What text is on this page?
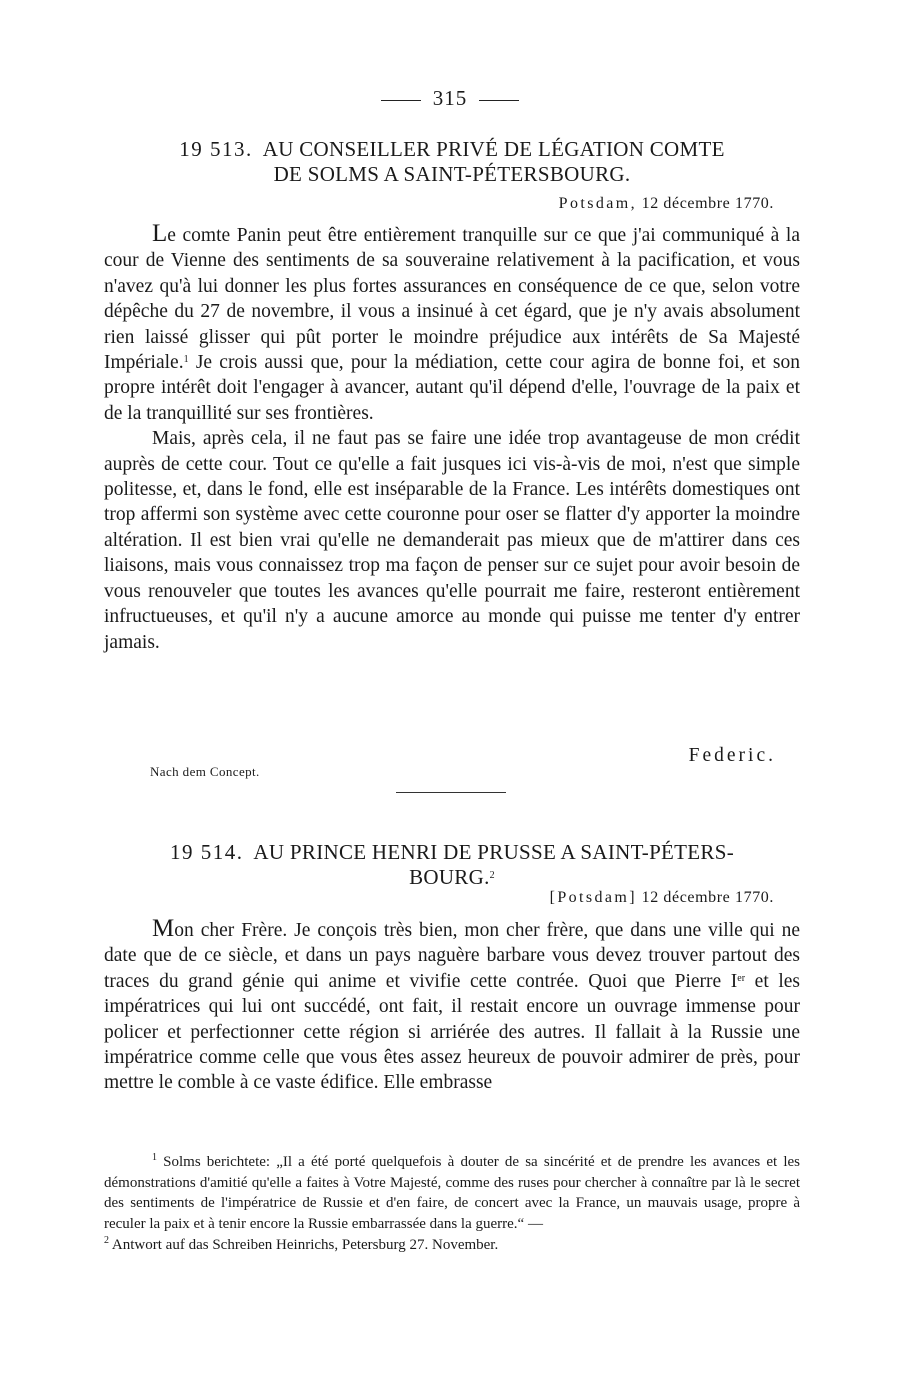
315
19 513. AU CONSEILLER PRIVÉ DE LÉGATION COMTE
DE SOLMS A SAINT-PÉTERSBOURG.
Potsdam, 12 décembre 1770.

Le comte Panin peut être entièrement tranquille sur ce que j'ai communiqué à la cour de Vienne des sentiments de sa souveraine relativement à la pacification, et vous n'avez qu'à lui donner les plus fortes assurances en conséquence de ce que, selon votre dépêche du 27 de novembre, il vous a insinué à cet égard, que je n'y avais absolument rien laissé glisser qui pût porter le moindre préjudice aux intérêts de Sa Majesté Impériale.$^1$ Je crois aussi que, pour la médiation, cette cour agira de bonne foi, et son propre intérêt doit l'engager à avancer, autant qu'il dépend d'elle, l'ouvrage de la paix et de la tranquillité sur ses frontières.

Mais, après cela, il ne faut pas se faire une idée trop avantageuse de mon crédit auprès de cette cour. Tout ce qu'elle a fait jusques ici vis-à-vis de moi, n'est que simple politesse, et, dans le fond, elle est inséparable de la France. Les intérêts domestiques ont trop affermi son système avec cette couronne pour oser se flatter d'y apporter la moindre altération. Il est bien vrai qu'elle ne demanderait pas mieux que de m'attirer dans ces liaisons, mais vous connaissez trop ma façon de penser sur ce sujet pour avoir besoin de vous renouveler que toutes les avances qu'elle pourrait me faire, resteront entièrement infructueuses, et qu'il n'y a aucune amorce au monde qui puisse me tenter d'y entrer jamais.

Federic.
Nach dem Concept.
19 514. AU PRINCE HENRI DE PRUSSE A SAINT-PÉTERS-
BOURG.$^2$
[Potsdam] 12 décembre 1770.

Mon cher Frère. Je conçois très bien, mon cher frère, que dans une ville qui ne date que de ce siècle, et dans un pays naguère barbare vous devez trouver partout des traces du grand génie qui anime et vivifie cette contrée. Quoi que Pierre Ier et les impératrices qui lui ont succédé, ont fait, il restait encore un ouvrage immense pour policer et perfectionner cette région si arriérée des autres. Il fallait à la Russie une impératrice comme celle que vous êtes assez heureux de pouvoir admirer de près, pour mettre le comble à ce vaste édifice. Elle embrasse

$^1$ Solms berichtete: „Il a été porté quelquefois à douter de sa sincérité et de prendre les avances et les démonstrations d'amitié qu'elle a faites à Votre Majesté, comme des ruses pour chercher à connaître par là le secret des sentiments de l'impératrice de Russie et d'en faire, de concert avec la France, un mauvais usage, propre à reculer la paix et à tenir encore la Russie embarrassée dans la guerre.“ —

$^2$ Antwort auf das Schreiben Heinrichs, Petersburg 27. November.
